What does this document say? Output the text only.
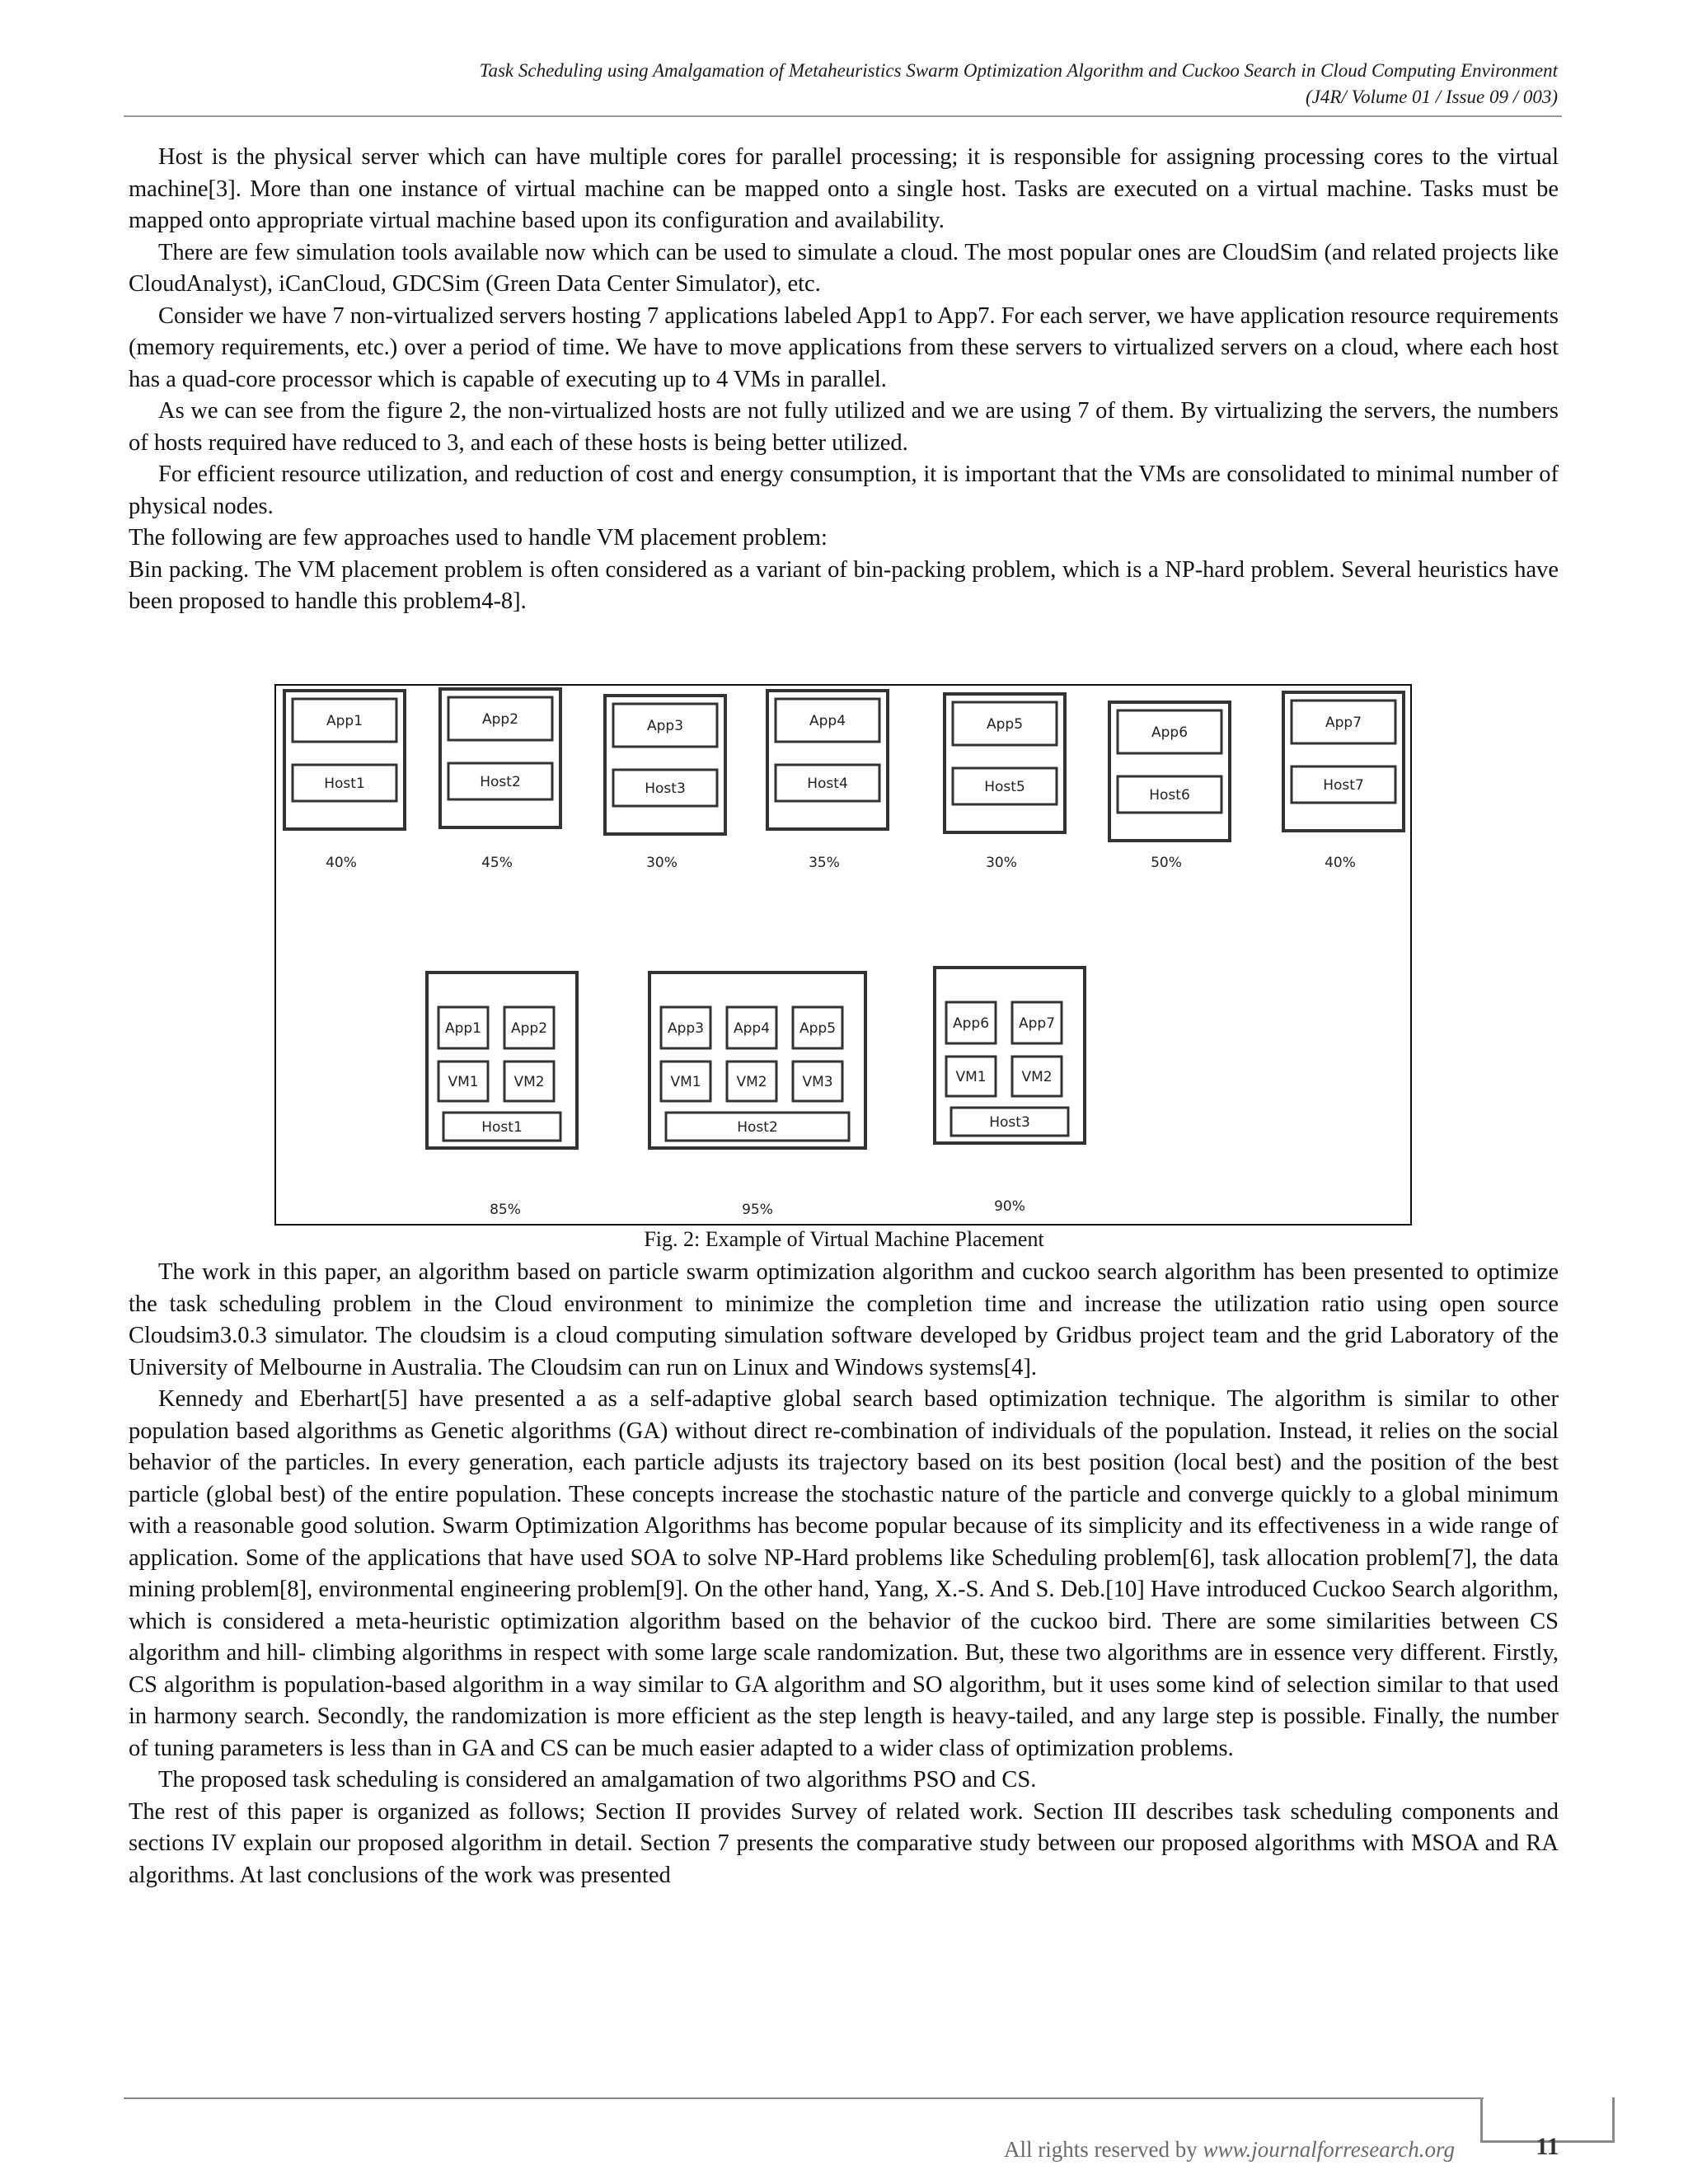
Task Scheduling using Amalgamation of Metaheuristics Swarm Optimization Algorithm and Cuckoo Search in Cloud Computing Environment
(J4R/ Volume 01 / Issue 09 / 003)

Host is the physical server which can have multiple cores for parallel processing; it is responsible for assigning processing cores to the virtual machine[3]. More than one instance of virtual machine can be mapped onto a single host. Tasks are executed on a virtual machine. Tasks must be mapped onto appropriate virtual machine based upon its configuration and availability.

There are few simulation tools available now which can be used to simulate a cloud. The most popular ones are CloudSim (and related projects like CloudAnalyst), iCanCloud, GDCSim (Green Data Center Simulator), etc.

Consider we have 7 non-virtualized servers hosting 7 applications labeled App1 to App7. For each server, we have application resource requirements (memory requirements, etc.) over a period of time. We have to move applications from these servers to virtualized servers on a cloud, where each host has a quad-core processor which is capable of executing up to 4 VMs in parallel.

As we can see from the figure 2, the non-virtualized hosts are not fully utilized and we are using 7 of them. By virtualizing the servers, the numbers of hosts required have reduced to 3, and each of these hosts is being better utilized.

For efficient resource utilization, and reduction of cost and energy consumption, it is important that the VMs are consolidated to minimal number of physical nodes.

The following are few approaches used to handle VM placement problem:

Bin packing. The VM placement problem is often considered as a variant of bin-packing problem, which is a NP-hard problem. Several heuristics have been proposed to handle this problem4-8].

App1
Host1
40%
App2
Host2
45%
App3
Host3
30%
App4
Host4
35%
App5
Host5
30%
App6
Host6
50%
App7
Host7
40%
App1
VM1
App2
VM2
Host1
85%
App3
VM1
App4
VM2
App5
VM3
Host2
95%
App6
VM1
App7
VM2
Host3
90%
Fig. 2: Example of Virtual Machine Placement

The work in this paper, an algorithm based on particle swarm optimization algorithm and cuckoo search algorithm has been presented to optimize the task scheduling problem in the Cloud environment to minimize the completion time and increase the utilization ratio using open source Cloudsim3.0.3 simulator. The cloudsim is a cloud computing simulation software developed by Gridbus project team and the grid Laboratory of the University of Melbourne in Australia. The Cloudsim can run on Linux and Windows systems[4].

Kennedy and Eberhart[5] have presented a as a self-adaptive global search based optimization technique. The algorithm is similar to other population based algorithms as Genetic algorithms (GA) without direct re-combination of individuals of the population. Instead, it relies on the social behavior of the particles. In every generation, each particle adjusts its trajectory based on its best position (local best) and the position of the best particle (global best) of the entire population. These concepts increase the stochastic nature of the particle and converge quickly to a global minimum with a reasonable good solution. Swarm Optimization Algorithms has become popular because of its simplicity and its effectiveness in a wide range of application. Some of the applications that have used SOA to solve NP-Hard problems like Scheduling problem[6], task allocation problem[7], the data mining problem[8], environmental engineering problem[9]. On the other hand, Yang, X.-S. And S. Deb.[10] Have introduced Cuckoo Search algorithm, which is considered a meta-heuristic optimization algorithm based on the behavior of the cuckoo bird. There are some similarities between CS algorithm and hill- climbing algorithms in respect with some large scale randomization. But, these two algorithms are in essence very different. Firstly, CS algorithm is population-based algorithm in a way similar to GA algorithm and SO algorithm, but it uses some kind of selection similar to that used in harmony search. Secondly, the randomization is more efficient as the step length is heavy-tailed, and any large step is possible. Finally, the number of tuning parameters is less than in GA and CS can be much easier adapted to a wider class of optimization problems.

The proposed task scheduling is considered an amalgamation of two algorithms PSO and CS.

The rest of this paper is organized as follows; Section II provides Survey of related work. Section III describes task scheduling components and sections IV explain our proposed algorithm in detail. Section 7 presents the comparative study between our proposed algorithms with MSOA and RA algorithms. At last conclusions of the work was presented

All rights reserved by www.journalforresearch.org	11
